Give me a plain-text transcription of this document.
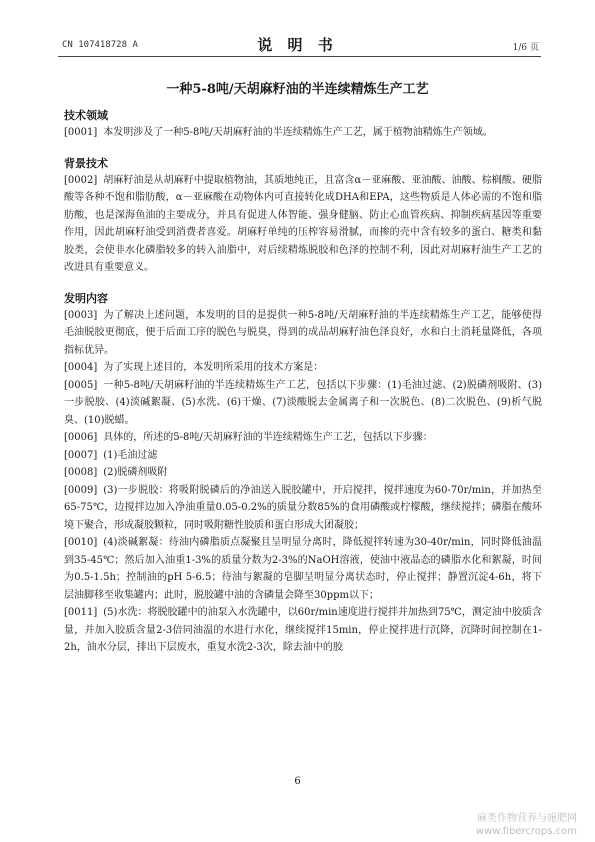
CN 107418728 A	说 明 书	1/6 页
一种5-8吨/天胡麻籽油的半连续精炼生产工艺
技术领域

[0001] 本发明涉及了一种5-8吨/天胡麻籽油的半连续精炼生产工艺，属于植物油精炼生产领域。

背景技术

[0002] 胡麻籽油是从胡麻籽中提取植物油，其质地纯正，且富含α－亚麻酸、亚油酸、油酸、棕榈酸、硬脂酸等各种不饱和脂肪酸，α－亚麻酸在动物体内可直接转化成DHA和EPA，这些物质是人体必需的不饱和脂肪酸，也是深海鱼油的主要成分，并具有促进人体智能、强身健脑、防止心血管疾病、抑制疾病基因等重要作用，因此胡麻籽油受到消费者喜爱。胡麻籽单纯的压榨容易滑腻，而掺的壳中含有较多的蛋白、糖类和黏胶类，会使非水化磷脂较多的转入油脂中，对后续精炼脱胶和色泽的控制不利，因此对胡麻籽油生产工艺的改进具有重要意义。

发明内容

[0003] 为了解决上述问题，本发明的目的是提供一种5-8吨/天胡麻籽油的半连续精炼生产工艺，能够使得毛油脱胶更彻底，便于后面工序的脱色与脱臭，得到的成品胡麻籽油色泽良好，水和白土消耗量降低，各项指标优异。

[0004] 为了实现上述目的，本发明所采用的技术方案是：

[0005] 一种5-8吨/天胡麻籽油的半连续精炼生产工艺，包括以下步骤：(1)毛油过滤、(2)脱磷剂吸附、(3)一步脱胶、(4)淡碱絮凝、(5)水洗、(6)干燥、(7)淡酸脱去金属离子和一次脱色、(8)二次脱色、(9)析气脱臭、(10)脱蜡。

[0006] 具体的，所述的5-8吨/天胡麻籽油的半连续精炼生产工艺，包括以下步骤：

[0007] (1)毛油过滤

[0008] (2)脱磷剂吸附

[0009] (3)一步脱胶：将吸附脱磷后的净油送入脱胶罐中，开启搅拌，搅拌速度为60-70r/min，并加热至65-75℃，边搅拌边加入净油重量0.05-0.2%的质量分数85%的食用磷酸或柠檬酸，继续搅拌；磷脂在酸环境下聚合，形成凝胶颗粒，同时吸附糖性胶质和蛋白形成大团凝胶；

[0010] (4)淡碱絮凝：待油内磷脂质点凝聚且呈明显分离时，降低搅拌转速为30-40r/min，同时降低油温到35-45℃；然后加入油重1-3%的质量分数为2-3%的NaOH溶液，使油中液晶态的磷脂水化和絮凝，时间为0.5-1.5h；控制油的pH 5-6.5；待油与絮凝的皂脚呈明显分离状态时，停止搅拌；静置沉淀4-6h，将下层油脚移至收集罐内；此时，脱胶罐中油的含磷量会降至30ppm以下；

[0011] (5)水洗：将脱胶罐中的油泵入水洗罐中，以60r/min速度进行搅拌并加热到75℃，测定油中胶质含量，并加入胶质含量2-3倍同油温的水进行水化，继续搅拌15min，停止搅拌进行沉降，沉降时间控制在1-2h，油水分层，排出下层废水，重复水洗2-3次，除去油中的胶

6
麻类作物营养与施肥网
www.fibercrops.com
